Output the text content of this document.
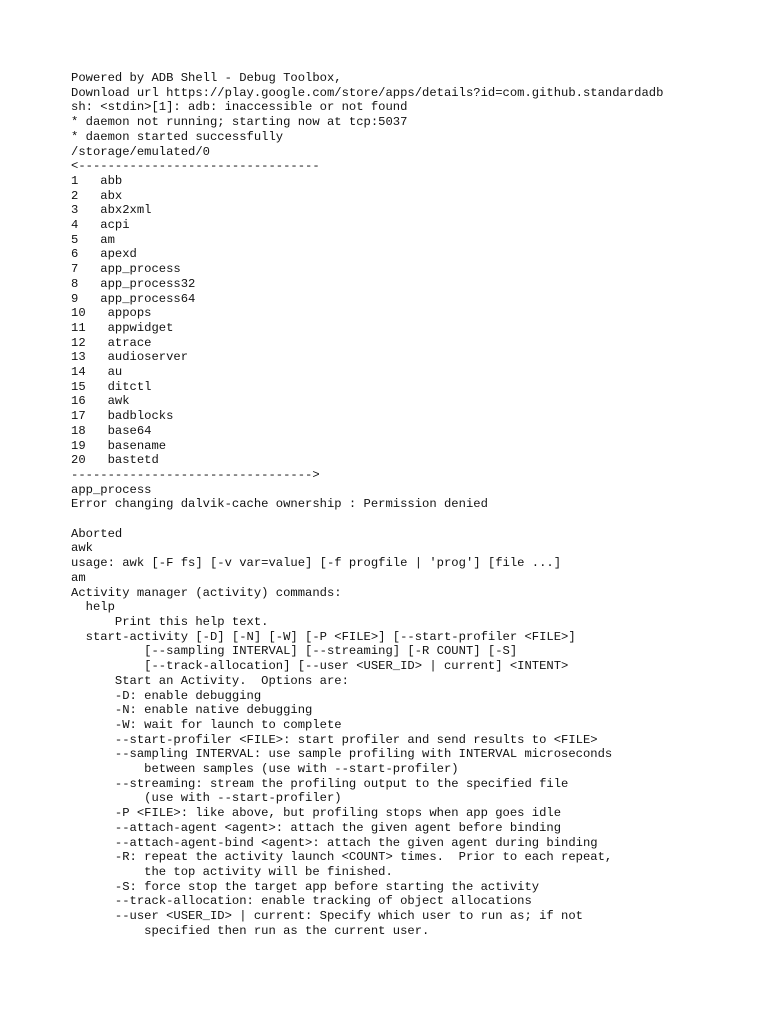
Powered by ADB Shell - Debug Toolbox,
Download url https://play.google.com/store/apps/details?id=com.github.standardadb
sh: <stdin>[1]: adb: inaccessible or not found
* daemon not running; starting now at tcp:5037
* daemon started successfully
/storage/emulated/0
<---------------------------------
1   abb
2   abx
3   abx2xml
4   acpi
5   am
6   apexd
7   app_process
8   app_process32
9   app_process64
10   appops
11   appwidget
12   atrace
13   audioserver
14   au
15   ditctl
16   awk
17   badblocks
18   base64
19   basename
20   bastetd
--------------------------------->
app_process
Error changing dalvik-cache ownership : Permission denied
Aborted
awk
usage: awk [-F fs] [-v var=value] [-f progfile | 'prog'] [file ...]
am
Activity manager (activity) commands:
help
Print this help text.
start-activity [-D] [-N] [-W] [-P <FILE>] [--start-profiler <FILE>]
[--sampling INTERVAL] [--streaming] [-R COUNT] [-S]
[--track-allocation] [--user <USER_ID> | current] <INTENT>
Start an Activity.  Options are:
-D: enable debugging
-N: enable native debugging
-W: wait for launch to complete
--start-profiler <FILE>: start profiler and send results to <FILE>
--sampling INTERVAL: use sample profiling with INTERVAL microseconds
between samples (use with --start-profiler)
--streaming: stream the profiling output to the specified file
(use with --start-profiler)
-P <FILE>: like above, but profiling stops when app goes idle
--attach-agent <agent>: attach the given agent before binding
--attach-agent-bind <agent>: attach the given agent during binding
-R: repeat the activity launch <COUNT> times.  Prior to each repeat,
the top activity will be finished.
-S: force stop the target app before starting the activity
--track-allocation: enable tracking of object allocations
--user <USER_ID> | current: Specify which user to run as; if not
specified then run as the current user.
